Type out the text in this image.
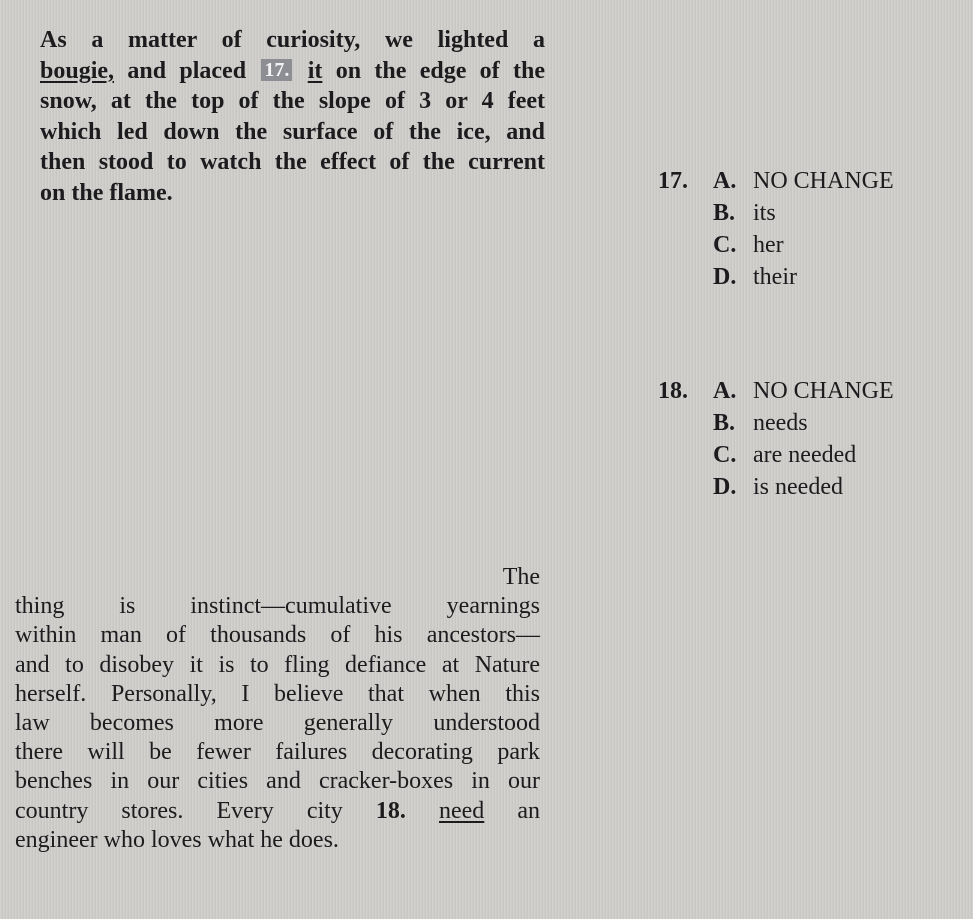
As a matter of curiosity, we lighted a
bougie, and placed 17. it on the edge of the
snow, at the top of the slope of 3 or 4 feet
which led down the surface of the ice, and
then stood to watch the effect of the current
on the flame.	17.	A. NO CHANGE
B. its
C. her
D. their
18.	A. NO CHANGE
B. needs
C. are needed
D. is needed
The
thing is instinct—cumulative yearnings
within man of thousands of his ancestors—
and to disobey it is to fling defiance at Nature
herself. Personally, I believe that when this
law becomes more generally understood
there will be fewer failures decorating park
benches in our cities and cracker-boxes in our
country stores. Every city 18. need an
engineer who loves what he does.
